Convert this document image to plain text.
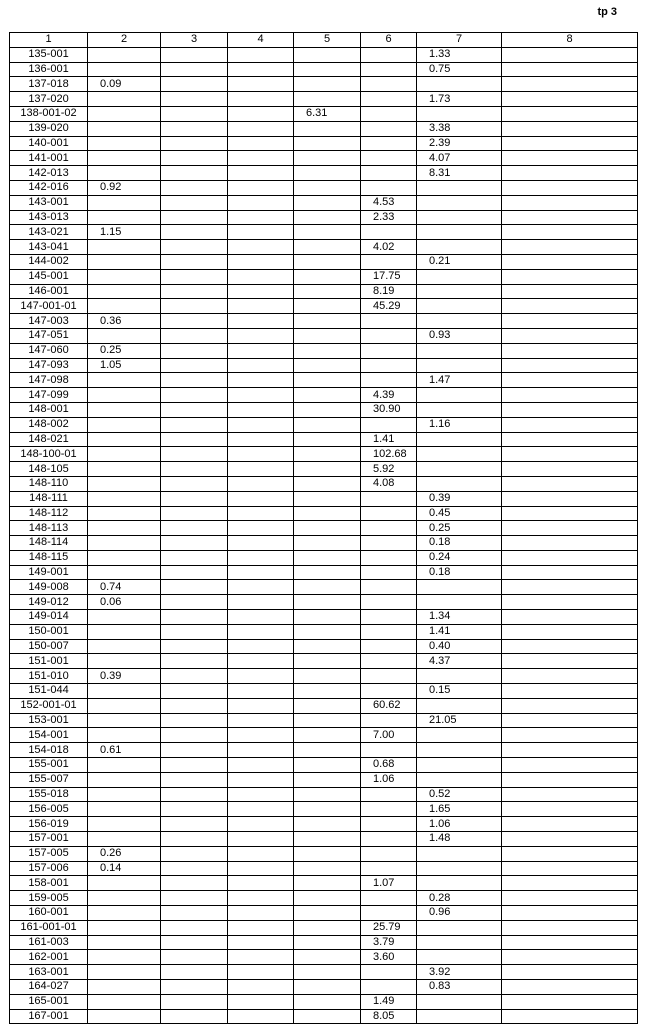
tp 3
1	2	3	4	5	6	7	8
135-001						1.33	
136-001						0.75	
137-018	0.09						
137-020						1.73	
138-001-02				6.31			
139-020						3.38	
140-001						2.39	
141-001						4.07	
142-013						8.31	
142-016	0.92						
143-001					4.53		
143-013					2.33		
143-021	1.15						
143-041					4.02		
144-002						0.21	
145-001					17.75		
146-001					8.19		
147-001-01					45.29		
147-003	0.36						
147-051						0.93	
147-060	0.25						
147-093	1.05						
147-098						1.47	
147-099					4.39		
148-001					30.90		
148-002						1.16	
148-021					1.41		
148-100-01					102.68		
148-105					5.92		
148-110					4.08		
148-111						0.39	
148-112						0.45	
148-113						0.25	
148-114						0.18	
148-115						0.24	
149-001						0.18	
149-008	0.74						
149-012	0.06						
149-014						1.34	
150-001						1.41	
150-007						0.40	
151-001						4.37	
151-010	0.39						
151-044						0.15	
152-001-01					60.62		
153-001						21.05	
154-001					7.00		
154-018	0.61						
155-001					0.68		
155-007					1.06		
155-018						0.52	
156-005						1.65	
156-019						1.06	
157-001						1.48	
157-005	0.26						
157-006	0.14						
158-001					1.07		
159-005						0.28	
160-001						0.96	
161-001-01					25.79		
161-003					3.79		
162-001					3.60		
163-001						3.92	
164-027						0.83	
165-001					1.49		
167-001					8.05		
